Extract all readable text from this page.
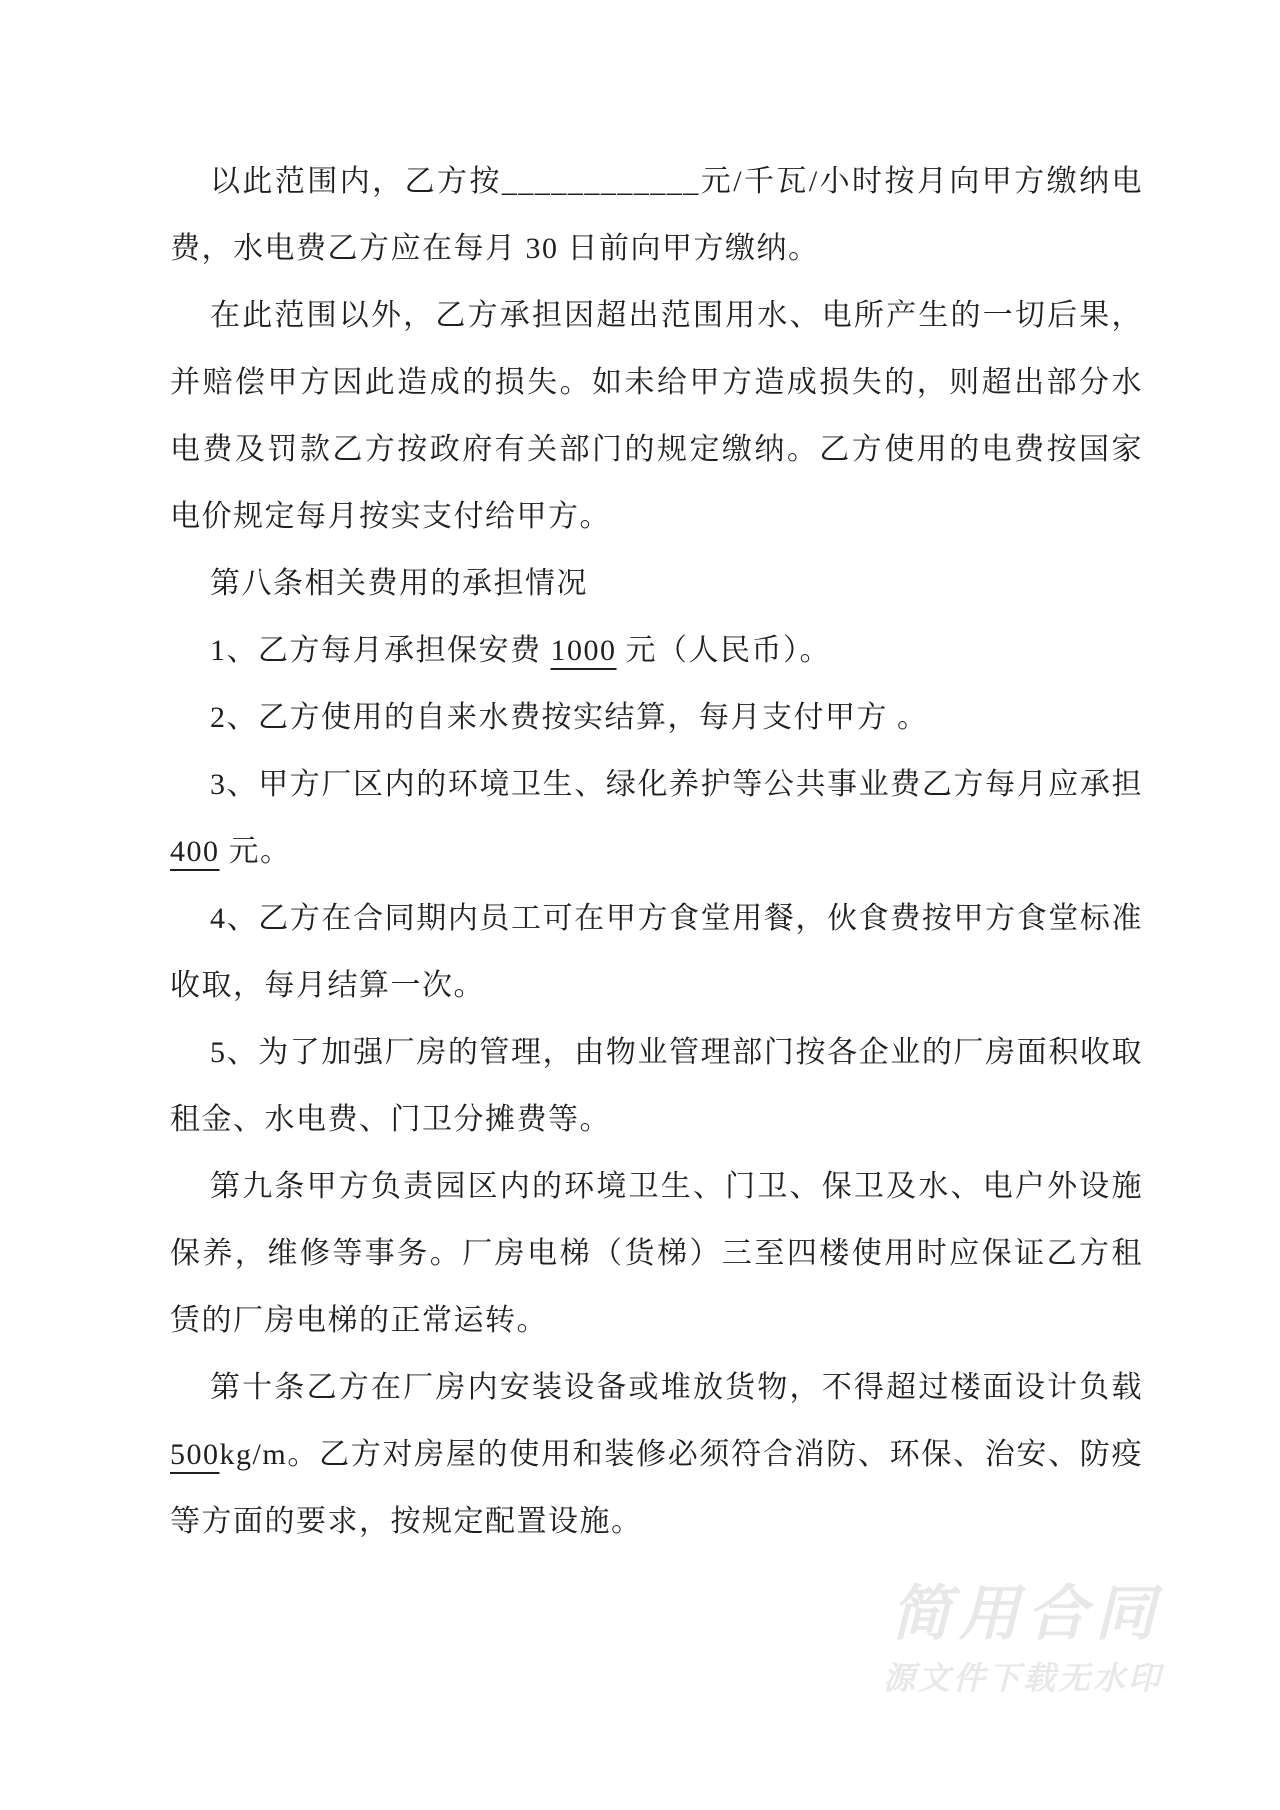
以此范围内，乙方按____________元/千瓦/小时按月向甲方缴纳电费，水电费乙方应在每月 30 日前向甲方缴纳。

在此范围以外，乙方承担因超出范围用水、电所产生的一切后果，并赔偿甲方因此造成的损失。如未给甲方造成损失的，则超出部分水电费及罚款乙方按政府有关部门的规定缴纳。乙方使用的电费按国家电价规定每月按实支付给甲方。

第八条相关费用的承担情况

1、乙方每月承担保安费 1000 元（人民币）。

2、乙方使用的自来水费按实结算，每月支付甲方 。

3、甲方厂区内的环境卫生、绿化养护等公共事业费乙方每月应承担 400 元。

4、乙方在合同期内员工可在甲方食堂用餐，伙食费按甲方食堂标准收取，每月结算一次。

5、为了加强厂房的管理，由物业管理部门按各企业的厂房面积收取租金、水电费、门卫分摊费等。

第九条甲方负责园区内的环境卫生、门卫、保卫及水、电户外设施保养，维修等事务。厂房电梯（货梯）三至四楼使用时应保证乙方租赁的厂房电梯的正常运转。

第十条乙方在厂房内安装设备或堆放货物，不得超过楼面设计负载 500kg/m。乙方对房屋的使用和装修必须符合消防、环保、治安、防疫等方面的要求，按规定配置设施。

简用合同
源文件下载无水印
